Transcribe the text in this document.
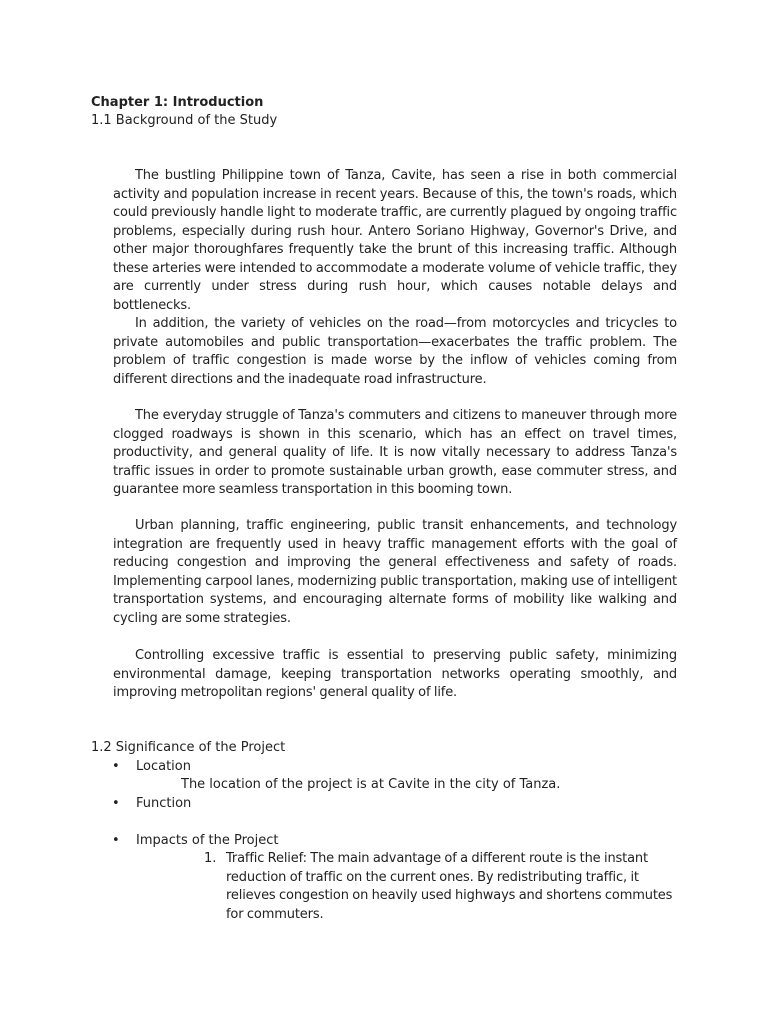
Chapter 1: Introduction
1.1 Background of the Study

The bustling Philippine town of Tanza, Cavite, has seen a rise in both commercial activity and population increase in recent years. Because of this, the town's roads, which could previously handle light to moderate traffic, are currently plagued by ongoing traffic problems, especially during rush hour. Antero Soriano Highway, Governor's Drive, and other major thoroughfares frequently take the brunt of this increasing traffic. Although these arteries were intended to accommodate a moderate volume of vehicle traffic, they are currently under stress during rush hour, which causes notable delays and bottlenecks.

In addition, the variety of vehicles on the road—from motorcycles and tricycles to private automobiles and public transportation—exacerbates the traffic problem. The problem of traffic congestion is made worse by the inflow of vehicles coming from different directions and the inadequate road infrastructure.

The everyday struggle of Tanza's commuters and citizens to maneuver through more clogged roadways is shown in this scenario, which has an effect on travel times, productivity, and general quality of life. It is now vitally necessary to address Tanza's traffic issues in order to promote sustainable urban growth, ease commuter stress, and guarantee more seamless transportation in this booming town.

Urban planning, traffic engineering, public transit enhancements, and technology integration are frequently used in heavy traffic management efforts with the goal of reducing congestion and improving the general effectiveness and safety of roads. Implementing carpool lanes, modernizing public transportation, making use of intelligent transportation systems, and encouraging alternate forms of mobility like walking and cycling are some strategies.

Controlling excessive traffic is essential to preserving public safety, minimizing environmental damage, keeping transportation networks operating smoothly, and improving metropolitan regions' general quality of life.

1.2 Significance of the Project
• Location
The location of the project is at Cavite in the city of Tanza.
• Function
• Impacts of the Project
1. Traffic Relief: The main advantage of a different route is the instant reduction of traffic on the current ones. By redistributing traffic, it relieves congestion on heavily used highways and shortens commutes for commuters.
